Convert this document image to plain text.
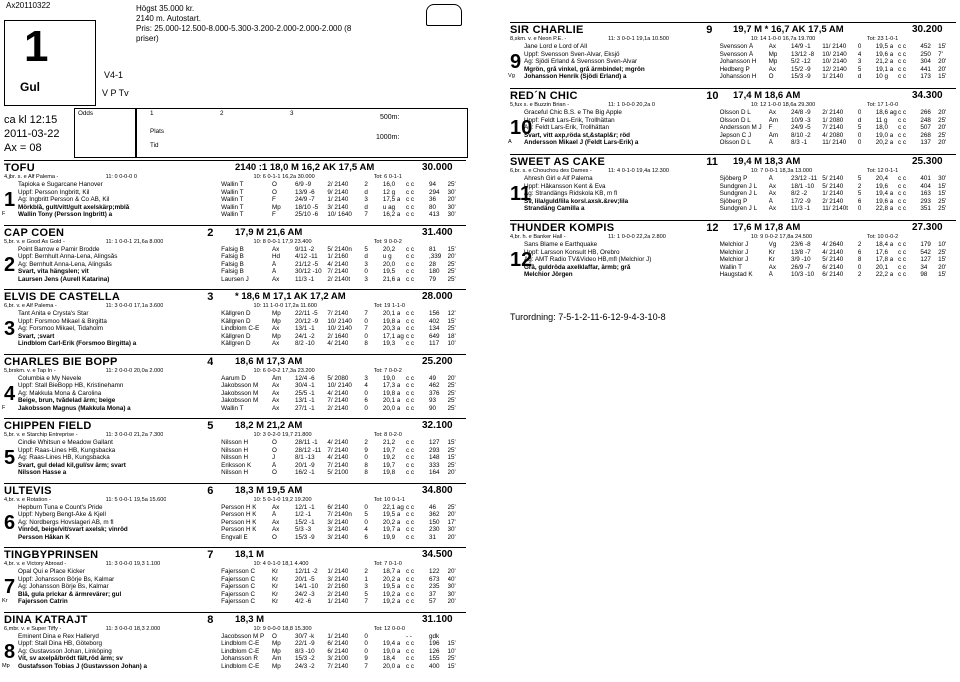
Ax20110322
1
Gul
V4-1
V P Tv
ca kl 12:15
2011-03-22
Ax = 08
Odds	1	2	3
Plats
Tid
500m:
1000m:
Högst 35.000 kr.
2140 m. Autostart.
Pris: 25.000-12.500-8.000-5.300-3.200-2.000-2.000-2.000 (8
priser)
TOFU	2140 :1 18,0 M 16,2 AK 17,5 AM	30.000
4,jbr. s. e Alf Palema -	11: 0 0-0-0 0	10: 6 0-1-1 16,2a 30.000	Tot: 6 0-1-1
1
Tapioka e Sugarcane Hanover	Wallin T	Ö	6/9 -9	2/ 2140	2 16,0 c c 94 25'
Uppf: Persson Ingbritt, Kil	Wallin T	Ö	13/9 -6 9/ 2140	d 12 g c c 294 30'
Äg: Ingbritt Persson & Co AB, Kil	Wallin T	F	24/9 -7 1/ 2140	3 17,5 a c c 36 20'
Mörkblå, gult/vitt/gult axelskärp;mblå	Wallin T	Mp 18/10 -5 3/ 2140	d u ag c c 80 30'
Wallin Tony (Persson Ingbritt) a	Wallin T	F	25/10 -6 10/ 1640 7 16,2 a c c 413 30'
F
CAP COEN	2 17,9 M 21,6 AM	31.400
5,br. v. e Good As Gold -	11: 1 0-0-1 21,6a 8.000	10: 8 0-0-1 17,9 23.400	Tot: 9 0-0-2
2
Point Barrow e Pamir Brodde	Falsig B	Ax 9/11 -2 5/ 2140n 5 20,2 c c 81 15'
Uppf: Bernhult Anna-Lena, Alingsås	Falsig B	Hd 4/12 -11 1/ 2160	d u g c c ,339 20'
Äg: Bernhult Anna-Lena, Alingsås	Falsig B	Å	21/12 -5 4/ 2140	3 20,0 c c 28 25'
Svart, vita hängslen; vit	Falsig B	Å	30/12 -10 7/ 2140	0 19,5 c c 180 25'
Laursen Jens (Aurell Katarina)	Laursen J	Ax 11/3 -1 2/ 2140t 3 21,6 a c c 79 25'
ELVIS DE CASTELLA	3 * 18,6 M 17,1 AK 17,2 AM	28.000
6,br. v. e Alf Palema -	11: 3 0-0-0 17,1a 3.600	10: 11 1-0-0 17,2a 11.600	Tot: 19 1-1-0
3
Tant Anita e Crysta's Star	Källgren D	Mp 22/11 -5 7/ 2140	7 20,1 a c c 156 12'
Uppf: Forsmoo Mikael & Birgitta	Källgren D	Mp 20/12 -9 10/ 2140 0 19,8 a c c 402 15'
Äg: Forsmoo Mikael, Tidaholm	Lindblom C-E Ax 13/1 -1 10/ 2140 7 20,3 a c c 134 25'
Svart, ;svart	Källgren D	Mp 24/1 -2 2/ 1640	0 17,1 ag c c 649 18'
Lindblom Carl-Erik (Forsmoo Birgitta) a	Källgren D	Ax 8/2 -10 4/ 2140	8 19,3 c c 117 10'
CHARLES BIE BOPP	4 18,6 M 17,3 AM	25.200
5,brskm. v. e Tap In -	11: 2 0-0-0 20,0a 2.000	10: 6 0-0-2 17,3a 23.200	Tot: 7 0-0-2
4
Columbia e My Nevele	Aarum D	Åm 12/4 -6 5/ 2080	3 19,0 c c 49 20'
Uppf: Stall BieBopp HB, Kristinehamn	Jakobsson M Ax 30/4 -1 10/ 2140 4 17,3 a c c 462 25'
Äg: Makkula Mona & Carolina	Jakobsson M Ax 25/5 -1 4/ 2140	0 19,8 a c c 376 25'
Beige, brun, tvådelad ärm; beige	Jakobsson M Ax 13/1 -1 7/ 2140	6 20,1 a c c 93 25'
Jakobsson Magnus (Makkula Mona) a	Wallin T	Ax 27/1 -1 2/ 2140	0 20,0 a c c 90 25'
F
CHIPPEN FIELD	5 18,2 M 21,2 AM	32.100
5,br. v. e Starchip Entreprise -	11: 3 0-0-0 21,2a 7.300	10: 3 0-2-0 19,7 21.800	Tot: 8 0-2-0
5
Cindie Whitsun e Meadow Gallant	Nilsson H	Ö	28/11 -1 4/ 2140	2 21,2 c c 127 15'
Uppf: Raas-Lines HB, Kungsbacka	Nilsson H	Ö	28/12 -11 7/ 2140	9 19,7 c c 293 25'
Äg: Raas-Lines HB, Kungsbacka	Nilsson H	J	8/1 -13 4/ 2140	0 19,2 c c 148 15'
Svart, gul delad kil,gul/sv ärm; svart	Eriksson K	Å	20/1 -9 7/ 2140	8 19,7 c c 333 25'
Nilsson Hasse a	Nilsson H	Ö	16/2 -1 5/ 2100	8 19,8 c c 164 20'
ULTEVIS	6 18,3 M 19,5 AM	34.800
4,br. v. e Rotation -	11: 5 0-0-1 19,5a 15.600	10: 5 0-1-0 19,2 19.200	Tot: 10 0-1-1
6
Hepburn Tuna e Count's Pride	Persson H K Ax 12/1 -1 6/ 2140	0 22,1 ag c c 46 25'
Uppf: Nyberg Bengt-Åke & Kjell	Persson H K Å	1/2 -1	7/ 2140n 5 19,5 a c c 362 20'
Äg: Nordbergs Hovslageri AB, m fl	Persson H K Ax 15/2 -1 3/ 2140	0 20,2 a c c 150 17'
Vinröd, beige/vit/svart axelsk; vinröd	Persson H K Ax 5/3 -3	3/ 2140	4 19,7 a c c 230 30'
Persson Håkan K	Engvall E	Ö	15/3 -9 3/ 2140	6 19,9 c c 31 20'
TINGBYPRINSEN	7 18,1 M	34.500
4,br. v. e Victory Abroad -	11: 3 0-0-0 19,3 1.100	10: 4 0-1-0 18,1 4.400	Tot: 7 0-1-0
7
Opal Qui e Place Kicker	Fajersson C	Kr	12/11 -2 1/ 2140	2 18,7 a c c 122 20'
Uppf: Johansson Börje Bs, Kalmar	Fajersson C	Kr	20/1 -5 3/ 2140	1 20,2 a c c 673 40'
Äg: Johansson Börje Bs, Kalmar	Fajersson C	Kr	14/1 -10 2/ 2160	3 19,5 a c c 235 30'
Blå, gula prickar & ärmrevärer; gul	Fajersson C	Kr	24/2 -3 2/ 2140	5 19,2 a c c 37 30'
Fajersson Catrin	Fajersson C	Kr	4/2 -6	1/ 2140	7 19,2 a c c 57 20'
Kr
DINA KATRAJT	8 18,3 M	31.100
6,mbr. v. e Super Tiffy -	11: 3 0-0-0 18,3 2.000	10: 9 0-0-0 18,8 15.300	Tot: 12 0-0-0
8
Eminent Dina e Rex Halleryd	Jacobsson M P Ö	30/7 -k 1/ 2140	0	- -	gdk
Uppf: Stall Dina HB, Göteborg	Lindblom C-E Mp 22/1 -9 6/ 2140	0 19,4 a c c 196 15'
Äg: Gustavsson Johan, Linköping	Lindblom C-E Mp 8/3 -10 6/ 2140	0 19,0 a c c 126 10'
Vit, sv axelpå/brödt fält,röd ärm; sv	Johansson R Åm 15/3 -2 3/ 2100	9 18,4 c c 155 25'
Gustafsson Tobias J (Gustavsson Johan) a	Lindblom C-E Mp 24/3 -2 7/ 2140	7 20,0 a c c 400 15'
Mp
SIR CHARLIE	9 19,7 M * 16,7 AK 17,5 AM	30.200
8,skm. v. e Neon P.E. -	11: 3 0-0-1 19,1a 10.500	10: 14 1-0-0 16,7a 19.700	Tot: 23 1-0-1
9
Jane Lord e Lord of All	Svensson Å Ax 14/9 -1 11/ 2140 0 19,5 a c c 452 15'
Uppf: Svensson Sven-Alvar, Eksjö	Svensson Å Mp 13/12 -8 10/ 2140 4 19,6 a c c 250 7'
Äg: Sjödi Erland & Svensson Sven-Alvar	Johansson H Mp 5/2 -12 10/ 2140 3 21,2 a c c 304 20'
Mgrön, grå vinkel, grå ärmbindel; mgrön	Hedberg P	Ax 15/2 -9 12/ 2140 5 19,1 a c c 441 20'
Johansson Henrik (Sjödi Erland) a	Johansson H Ö	15/3 -9 1/ 2140 d 10 g c c 173 15'
Vg
RED´N CHIC	10 17,4 M 18,6 AM	34.300
5,fux s. e Buzzin Brian -	11: 1 0-0-0 20,2a 0	10: 12 1-0-0 18,6a 29.300	Tot: 17 1-0-0
10
Graceful Chic B.S. e The Big Apple	Olsson D L	Ax 24/8 -9 2/ 2140 0 18,6 ag c c 266 20'
Uppf: Feldt Lars-Erik, Trollhättan	Olsson D L	Åm 10/9 -3 1/ 2080 d 11 g c c 248 25'
Äg: Feldt Lars-Erik, Trollhättan	Andersson M J F	24/9 -5 7/ 2140 5 18,0 c c 507 20'
Svart, vitt axp,röda st,&stapl&r; röd	Jepson C J	Åm 8/10 -2 4/ 2080 0 19,0 a c c 268 25'
Andersson Mikael J (Feldt Lars-Erik) a	Olsson D L	Å	8/3 -1 11/ 2140 0 20,2 a c c 137 20'
Å
SWEET AS CAKE	11 19,4 M 18,3 AM	25.300
6,br. s. e Chouchou des Dames -	11: 4 0-1-0 19,4a 12.300	10: 7 0-0-1 18,3a 13.000	Tot: 12 0-1-1
11
Ahresh Girl e Alf Palema	Sjöberg P	Å	23/12 -11 5/ 2140 5 20,4 c c 401 30'
Uppf: Håkansson Kent & Eva	Sundgren J L Ax 18/1 -10 5/ 2140 2 19,6 c c 404 15'
Äg: Strandängs Ridskola KB, m fl	Sundgren J L Ax 8/2 -2 1/ 2140 5 19,4 a c c 163 15'
Sv, lila/guld/lila korsl.axsk.&rev;lila	Sjöberg P	Å	17/2 -9 2/ 2140 6 19,6 a c c 293 25'
Strandäng Camilla a	Sundgren J L Ax 11/3 -1 11/ 2140t 0 22,8 a c c 351 25'
THUNDER KOMPIS	12 17,6 M 17,8 AM	27.300
4,br. h. e Banker Hall -	11: 1 0-0-0 22,2a 2.800	10: 9 0-0-2 17,8a 24.500	Tot: 10 0-0-2
12
Sans Blame e Earthquake	Melchior J	Vg 23/6 -8 4/ 2640 2 18,4 a c c 179 10'
Uppf: Larsson Konsult HB, Örebro	Melchior J	Kr	13/8 -7 4/ 2140 6 17,6 c c 542 25'
Äg: AMT Radio TV&Video HB,mfl (Melchior J)	Melchior J	Kr	3/9 -10 5/ 2140 8 17,8 a c c 127 15'
Grå, guldröda axelklaffar, ärmb; grå	Wallin T	Ax 26/9 -7 6/ 2140 0 20,1 c c 34 20'
Melchior Jörgen	Haugstad K	Å	10/3 -10 6/ 2140 2 22,2 a c c 98 15'
Turordning: 7-5-1-2-11-6-12-9-4-3-10-8
